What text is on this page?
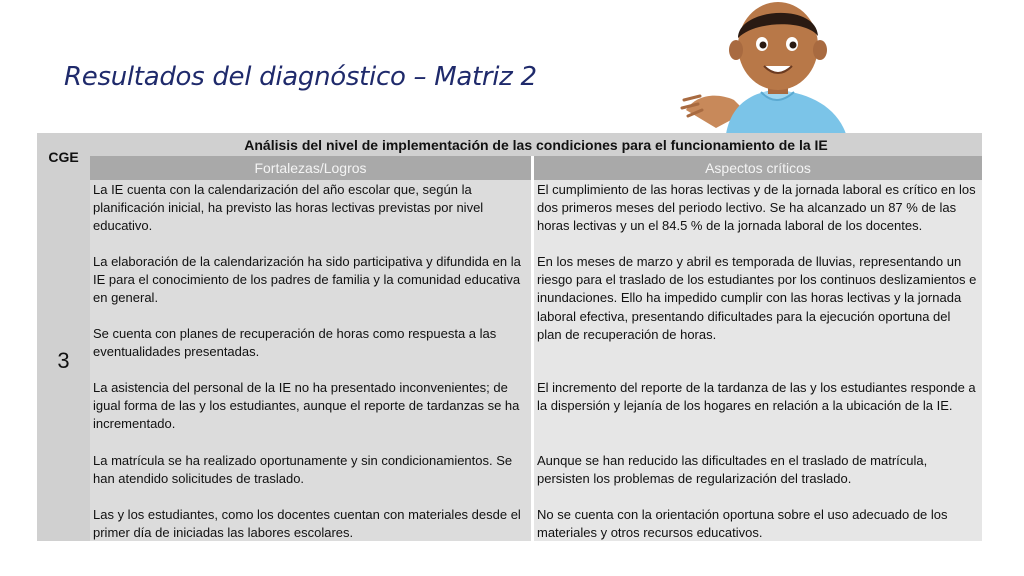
Resultados del diagnóstico – Matriz 2
CGE
Análisis del nivel de implementación de las condiciones para el funcionamiento de la IE
Fortalezas/Logros	Aspectos críticos
3
La IE cuenta con la calendarización del año escolar que, según la planificación inicial, ha previsto las horas lectivas previstas por nivel educativo.
La elaboración de la calendarización ha sido participativa y difundida en la IE para el conocimiento de los padres de familia y la comunidad educativa en general.
Se cuenta con planes de recuperación de horas como respuesta a las eventualidades presentadas.
La asistencia del personal de la IE no ha presentado inconvenientes; de igual forma de las y los estudiantes, aunque el reporte de tardanzas se ha incrementado.
La matrícula se ha realizado oportunamente y sin condicionamientos. Se han atendido solicitudes de traslado.
Las y los estudiantes, como los docentes cuentan con materiales desde el primer día de iniciadas las labores escolares.
El cumplimiento de las horas lectivas y de la jornada laboral es crítico en los dos primeros meses del periodo lectivo. Se ha alcanzado un 87 % de las horas lectivas y un el 84.5 % de la jornada laboral de los docentes.
En los meses de marzo y abril es temporada de lluvias, representando un riesgo para el traslado de los estudiantes por los continuos deslizamientos e inundaciones. Ello ha impedido cumplir con las horas lectivas y la jornada laboral efectiva, presentando dificultades para la ejecución oportuna del plan de recuperación de horas.
El incremento del reporte de la tardanza de las y los estudiantes responde a la dispersión y lejanía de los hogares en relación a la ubicación de la IE.
Aunque se han reducido las dificultades en el traslado de matrícula, persisten los problemas de regularización del traslado.
No se cuenta con la orientación oportuna sobre el uso adecuado de los materiales y otros recursos educativos.
